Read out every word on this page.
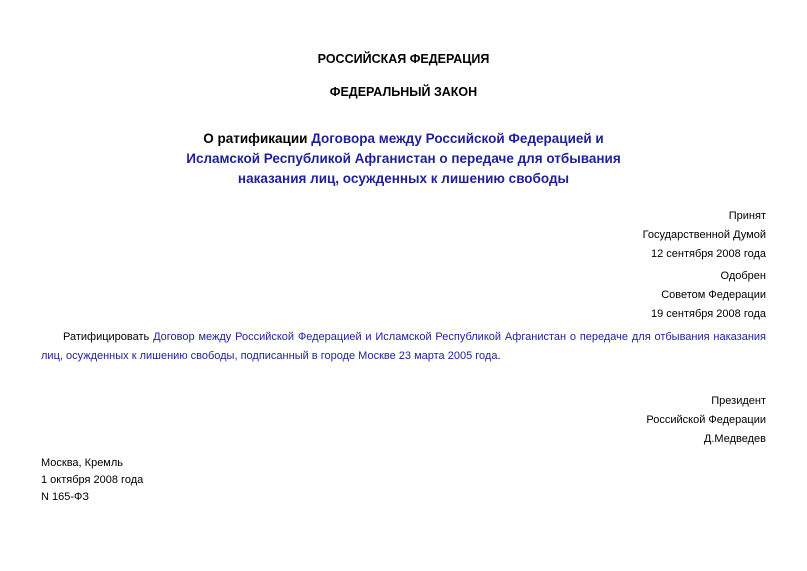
РОССИЙСКАЯ ФЕДЕРАЦИЯ
ФЕДЕРАЛЬНЫЙ ЗАКОН
О ратификации Договора между Российской Федерацией и
Исламской Республикой Афганистан о передаче для отбывания
наказания лиц, осужденных к лишению свободы
Принят
Государственной Думой
12 сентября 2008 года
Одобрен
Советом Федерации
19 сентября 2008 года
Ратифицировать Договор между Российской Федерацией и Исламской Республикой Афганистан о передаче для отбывания наказания лиц, осужденных к лишению свободы, подписанный в городе Москве 23 марта 2005 года.
Президент
Российской Федерации
Д.Медведев
Москва, Кремль
1 октября 2008 года
N 165-ФЗ
